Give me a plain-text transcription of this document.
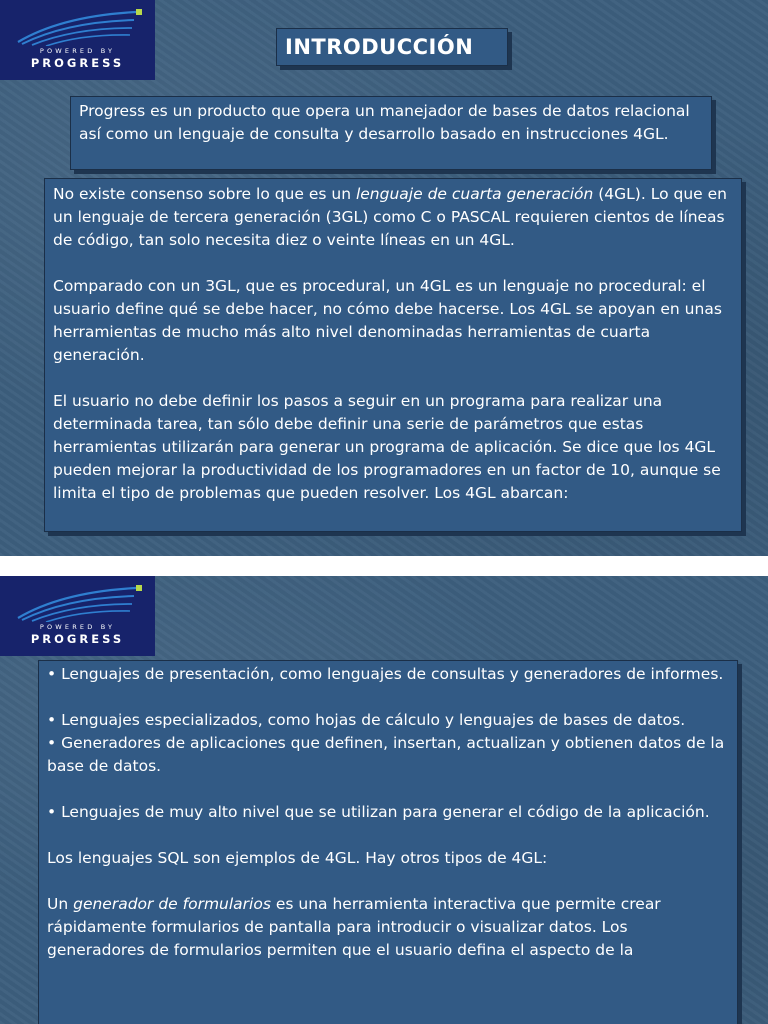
POWERED BY
PROGRESS
INTRODUCCIÓN

Progress es un producto que opera un manejador de bases de datos relacional así como un lenguaje de consulta y desarrollo basado en instrucciones 4GL.

No existe consenso sobre lo que es un lenguaje de cuarta generación (4GL). Lo que en un lenguaje de tercera generación (3GL) como C o PASCAL requieren cientos de líneas de código, tan solo necesita diez o veinte líneas en un 4GL.

Comparado con un 3GL, que es procedural, un 4GL es un lenguaje no procedural: el usuario define qué se debe hacer, no cómo debe hacerse. Los 4GL se apoyan en unas herramientas de mucho más alto nivel denominadas herramientas de cuarta generación.

El usuario no debe definir los pasos a seguir en un programa para realizar una determinada tarea, tan sólo debe definir una serie de parámetros que estas herramientas utilizarán para generar un programa de aplicación. Se dice que los 4GL pueden mejorar la productividad de los programadores en un factor de 10, aunque se limita el tipo de problemas que pueden resolver. Los 4GL abarcan:

POWERED BY
PROGRESS

• Lenguajes de presentación, como lenguajes de consultas y generadores de informes.

• Lenguajes especializados, como hojas de cálculo y lenguajes de bases de datos.

• Generadores de aplicaciones que definen, insertan, actualizan y obtienen datos de la base de datos.

• Lenguajes de muy alto nivel que se utilizan para generar el código de la aplicación.

Los lenguajes SQL son ejemplos de 4GL. Hay otros tipos de 4GL:

Un generador de formularios es una herramienta interactiva que permite crear rápidamente formularios de pantalla para introducir o visualizar datos. Los generadores de formularios permiten que el usuario defina el aspecto de la
